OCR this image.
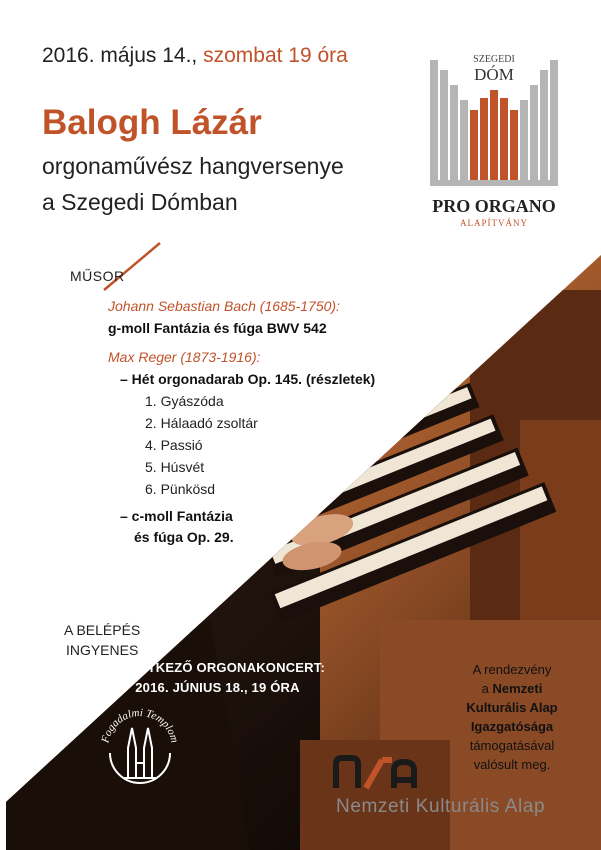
2016. május 14., szombat 19 óra
Balogh Lázár
orgonaművész hangversenye
a Szegedi Dómban
SZEGEDI
DÓM
PRO ORGANO
ALAPÍTVÁNY
MŰSOR
Johann Sebastian Bach (1685-1750):
g-moll Fantázia és fúga BWV 542
Max Reger (1873-1916):
– Hét orgonadarab Op. 145. (részletek)
1. Gyászóda
2. Hálaadó zsoltár
4. Passió
5. Húsvét
6. Pünkösd
– c-moll Fantázia
és fúga Op. 29.
A BELÉPÉS
INGYENES
KÖVETKEZŐ ORGONAKONCERT:
2016. JÚNIUS 18., 19 ÓRA
Fogadalmi Templom
A rendezvény
a Nemzeti
Kulturális Alap
Igazgatósága
támogatásával
valósult meg.
Nemzeti Kulturális Alap
